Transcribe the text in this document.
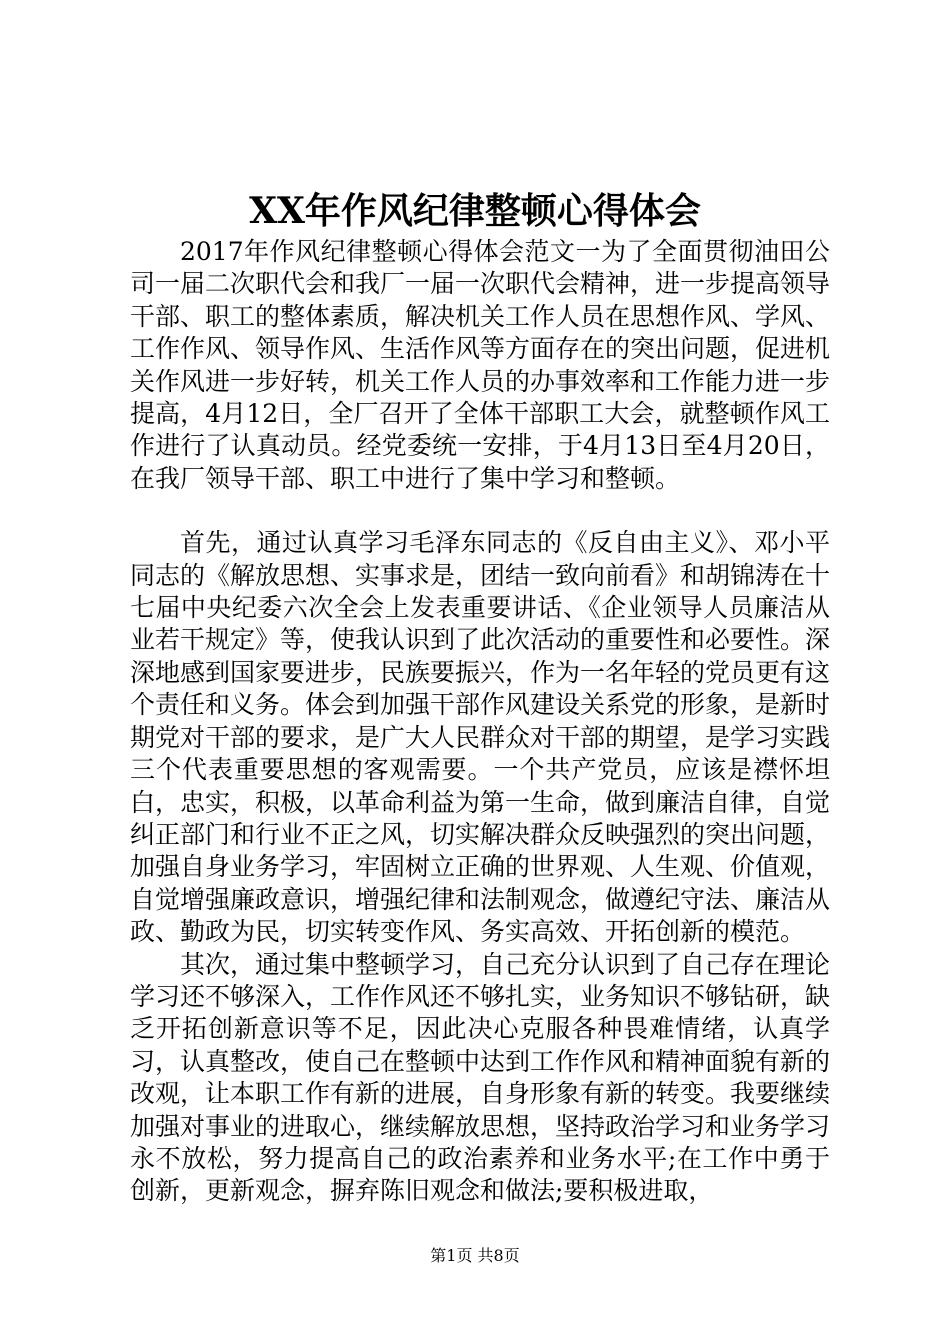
XX年作风纪律整顿心得体会

2017年作风纪律整顿心得体会范文一为了全面贯彻油田公司一届二次职代会和我厂一届一次职代会精神，进一步提高领导干部、职工的整体素质，解决机关工作人员在思想作风、学风、工作作风、领导作风、生活作风等方面存在的突出问题，促进机关作风进一步好转，机关工作人员的办事效率和工作能力进一步提高，4月12日，全厂召开了全体干部职工大会，就整顿作风工作进行了认真动员。经党委统一安排，于4月13日至4月20日，在我厂领导干部、职工中进行了集中学习和整顿。

首先，通过认真学习毛泽东同志的《反自由主义》、邓小平同志的《解放思想、实事求是，团结一致向前看》和胡锦涛在十七届中央纪委六次全会上发表重要讲话、《企业领导人员廉洁从业若干规定》等，使我认识到了此次活动的重要性和必要性。深深地感到国家要进步，民族要振兴，作为一名年轻的党员更有这个责任和义务。体会到加强干部作风建设关系党的形象，是新时期党对干部的要求，是广大人民群众对干部的期望，是学习实践三个代表重要思想的客观需要。一个共产党员，应该是襟怀坦白，忠实，积极，以革命利益为第一生命，做到廉洁自律，自觉纠正部门和行业不正之风，切实解决群众反映强烈的突出问题，加强自身业务学习，牢固树立正确的世界观、人生观、价值观，自觉增强廉政意识，增强纪律和法制观念，做遵纪守法、廉洁从政、勤政为民，切实转变作风、务实高效、开拓创新的模范。

其次，通过集中整顿学习，自己充分认识到了自己存在理论学习还不够深入，工作作风还不够扎实，业务知识不够钻研，缺乏开拓创新意识等不足，因此决心克服各种畏难情绪，认真学习，认真整改，使自己在整顿中达到工作作风和精神面貌有新的改观，让本职工作有新的进展，自身形象有新的转变。我要继续加强对事业的进取心，继续解放思想，坚持政治学习和业务学习永不放松，努力提高自己的政治素养和业务水平;在工作中勇于创新，更新观念，摒弃陈旧观念和做法;要积极进取，

第1页 共8页
